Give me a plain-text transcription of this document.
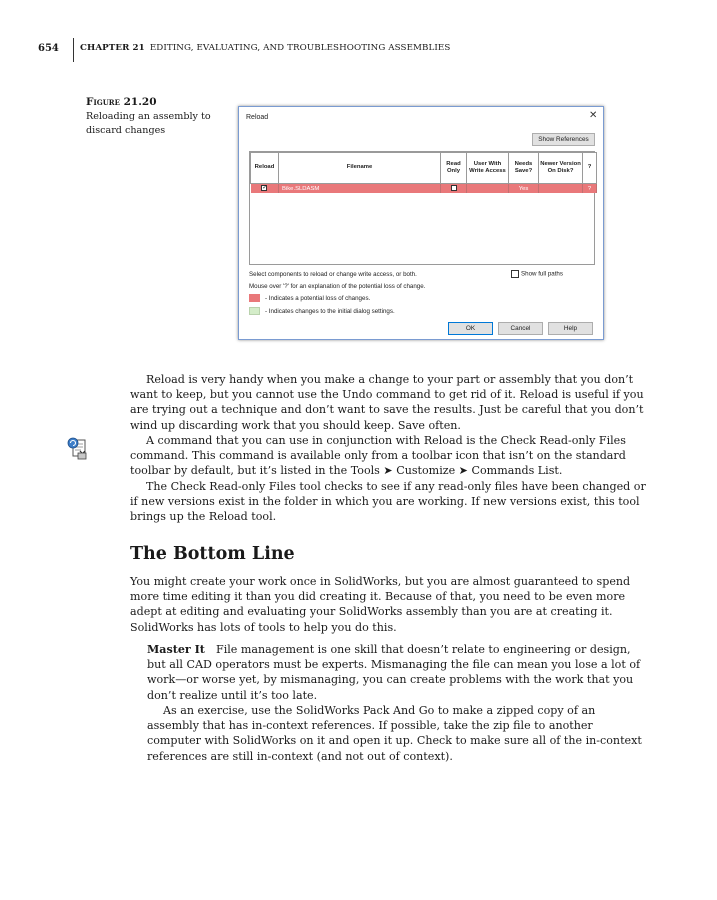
654 CHAPTER 21 EDITING, EVALUATING, AND TROUBLESHOOTING ASSEMBLIES
Figure 21.20
Reloading an assembly to discard changes
Reload	✕
Show References
Reload	Filename	Read Only	User With Write Access	Needs Save?	Newer Version On Disk?	?
✓	Bike.SLDASM			Yes		?
Show full paths
Select components to reload or change write access, or both.
Mouse over '?' for an explanation of the potential loss of change.
- Indicates a potential loss of changes.
- Indicates changes to the initial dialog settings.
OK	Cancel	Help
Reload is very handy when you make a change to your part or assembly that you don’t want to keep, but you cannot use the Undo command to get rid of it. Reload is useful if you are trying out a technique and don’t want to save the results. Just be careful that you don’t wind up discarding work that you should keep. Save often.
A command that you can use in conjunction with Reload is the Check Read-only Files command. This command is available only from a toolbar icon that isn’t on the standard toolbar by default, but it’s listed in the Tools ➤ Customize ➤ Commands List.
The Check Read-only Files tool checks to see if any read-only files have been changed or if new versions exist in the folder in which you are working. If new versions exist, this tool brings up the Reload tool.
The Bottom Line
You might create your work once in SolidWorks, but you are almost guaranteed to spend more time editing it than you did creating it. Because of that, you need to be even more adept at editing and evaluating your SolidWorks assembly than you are at creating it. SolidWorks has lots of tools to help you do this.
Master It  File management is one skill that doesn’t relate to engineering or design, but all CAD operators must be experts. Mismanaging the file can mean you lose a lot of work—or worse yet, by mismanaging, you can create problems with the work that you don’t realize until it’s too late.
As an exercise, use the SolidWorks Pack And Go to make a zipped copy of an assembly that has in-context references. If possible, take the zip file to another computer with SolidWorks on it and open it up. Check to make sure all of the in-context references are still in-context (and not out of context).
